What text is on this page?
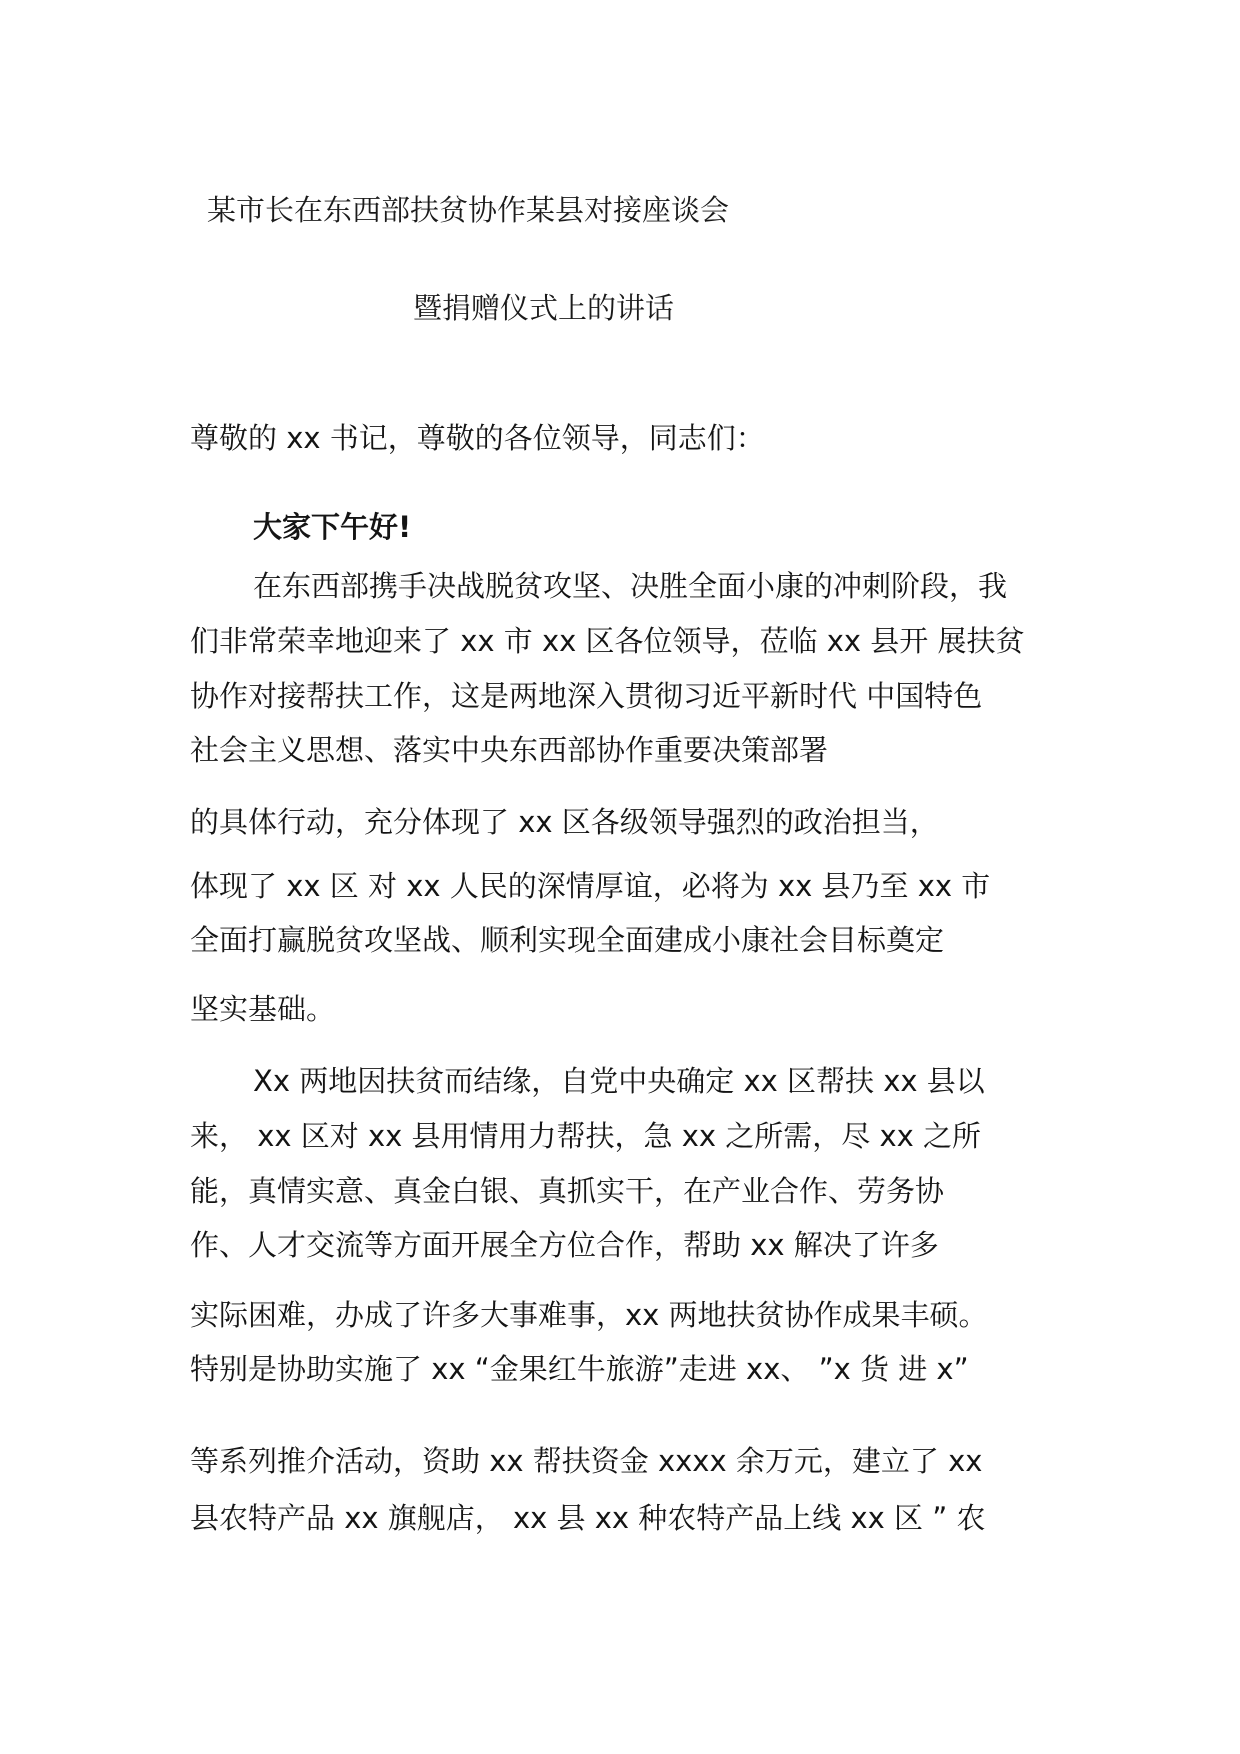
某市长在东西部扶贫协作某县对接座谈会
暨捐赠仪式上的讲话
尊敬的 xx 书记，尊敬的各位领导，同志们：
大家下午好!
在东西部携手决战脱贫攻坚、决胜全面小康的冲刺阶段，我
们非常荣幸地迎来了 xx 市 xx 区各位领导，莅临 xx 县开 展扶贫
协作对接帮扶工作，这是两地深入贯彻习近平新时代 中国特色
社会主义思想、落实中央东西部协作重要决策部署
的具体行动，充分体现了 xx 区各级领导强烈的政治担当，
体现了 xx 区 对 xx 人民的深情厚谊，必将为 xx 县乃至 xx 市
全面打赢脱贫攻坚战、顺利实现全面建成小康社会目标奠定
坚实基础。
Xx 两地因扶贫而结缘，自党中央确定 xx 区帮扶 xx 县以
来， xx 区对 xx 县用情用力帮扶，急 xx 之所需，尽 xx 之所
能，真情实意、真金白银、真抓实干，在产业合作、劳务协
作、人才交流等方面开展全方位合作，帮助 xx 解决了许多
实际困难，办成了许多大事难事，xx 两地扶贫协作成果丰硕。
特别是协助实施了 xx “金果红牛旅游”走进 xx、 ”x 货 进 x”
等系列推介活动，资助 xx 帮扶资金 xxxx 余万元，建立了 xx
县农特产品 xx 旗舰店， xx 县 xx 种农特产品上线 xx 区 ” 农
